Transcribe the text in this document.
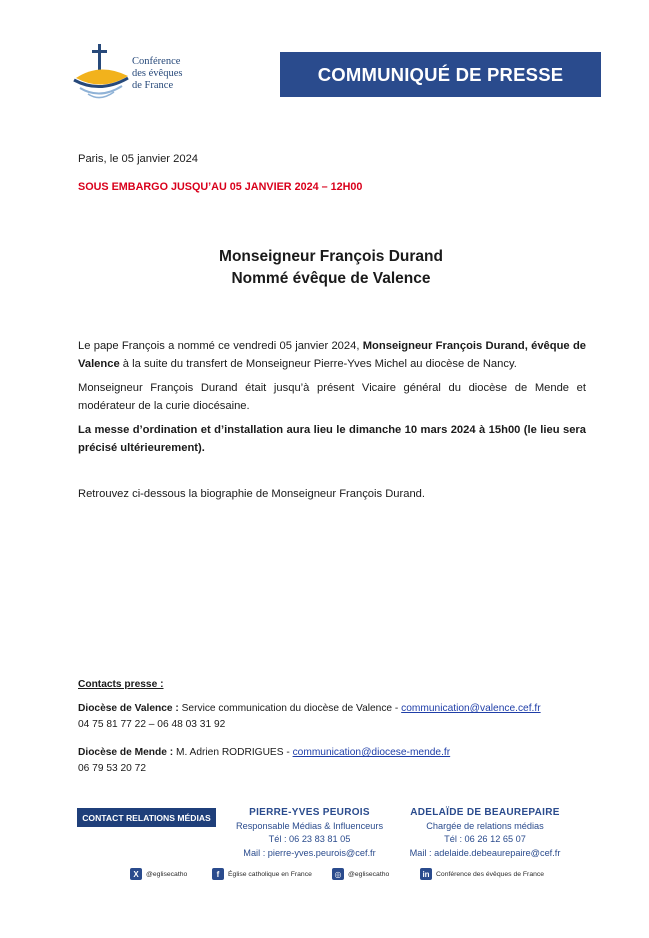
Conférence
des évêques
de France
COMMUNIQUÉ DE PRESSE
Paris, le 05 janvier 2024
SOUS EMBARGO JUSQU’AU 05 JANVIER 2024 – 12H00
Monseigneur François Durand
Nommé évêque de Valence
Le pape François a nommé ce vendredi 05 janvier 2024, Monseigneur François Durand, évêque de Valence à la suite du transfert de Monseigneur Pierre-Yves Michel au diocèse de Nancy.
Monseigneur François Durand était jusqu’à présent Vicaire général du diocèse de Mende et modérateur de la curie diocésaine.
La messe d’ordination et d’installation aura lieu le dimanche 10 mars 2024 à 15h00 (le lieu sera précisé ultérieurement).
Retrouvez ci-dessous la biographie de Monseigneur François Durand.
Contacts presse :
Diocèse de Valence : Service communication du diocèse de Valence - communication@valence.cef.fr
04 75 81 77 22 – 06 48 03 31 92
Diocèse de Mende : M. Adrien RODRIGUES - communication@diocese-mende.fr
06 79 53 20 72
CONTACT RELATIONS MÉDIAS	PIERRE-YVES PEUROIS
Responsable Médias & Influenceurs
Tél : 06 23 83 81 05
Mail : pierre-yves.peurois@cef.fr
ADELAÏDE DE BEAUREPAIRE
Chargée de relations médias
Tél : 06 26 12 65 07
Mail : adelaide.debeaurepaire@cef.fr
X	@eglisecatho	f	Église catholique en France	◎ @eglisecatho	in Conférence des évêques de France
